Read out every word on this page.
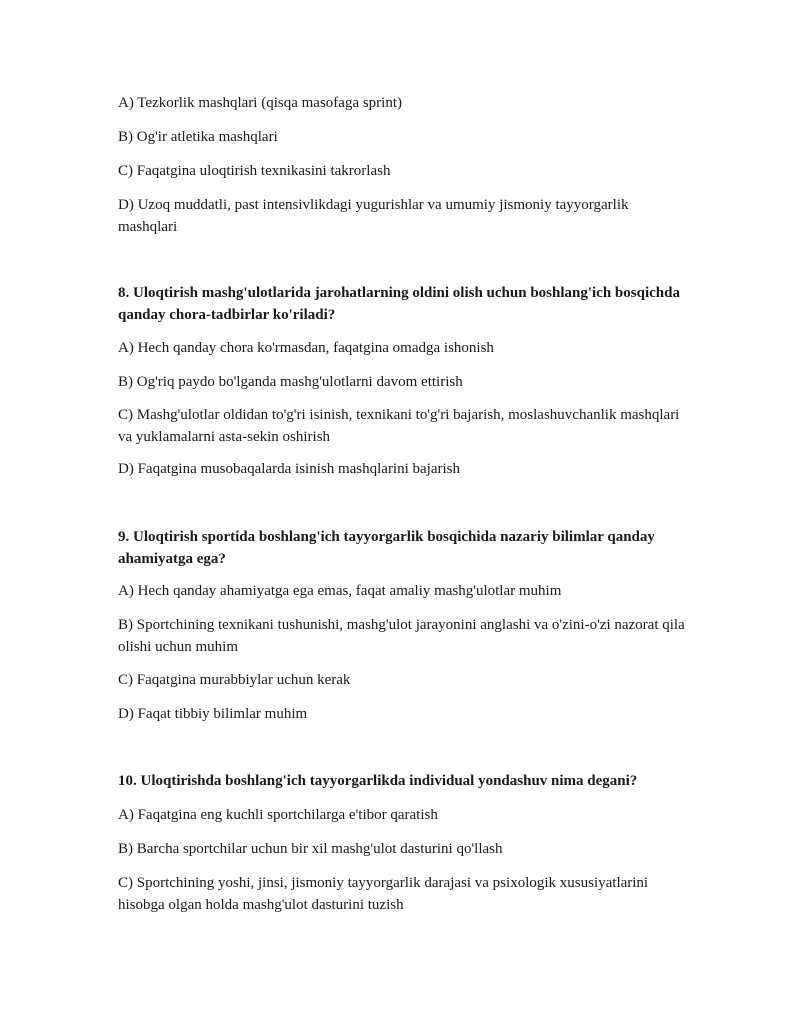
A) Tezkorlik mashqlari (qisqa masofaga sprint)
B) Og'ir atletika mashqlari
C) Faqatgina uloqtirish texnikasini takrorlash
D) Uzoq muddatli, past intensivlikdagi yugurishlar va umumiy jismoniy tayyorgarlik mashqlari
8. Uloqtirish mashg'ulotlarida jarohatlarning oldini olish uchun boshlang'ich bosqichda qanday chora-tadbirlar ko'riladi?
A) Hech qanday chora ko'rmasdan, faqatgina omadga ishonish
B) Og'riq paydo bo'lganda mashg'ulotlarni davom ettirish
C) Mashg'ulotlar oldidan to'g'ri isinish, texnikani to'g'ri bajarish, moslashuvchanlik mashqlari va yuklamalarni asta-sekin oshirish
D) Faqatgina musobaqalarda isinish mashqlarini bajarish
9. Uloqtirish sportida boshlang'ich tayyorgarlik bosqichida nazariy bilimlar qanday ahamiyatga ega?
A) Hech qanday ahamiyatga ega emas, faqat amaliy mashg'ulotlar muhim
B) Sportchining texnikani tushunishi, mashg'ulot jarayonini anglashi va o'zini-o'zi nazorat qila olishi uchun muhim
C) Faqatgina murabbiylar uchun kerak
D) Faqat tibbiy bilimlar muhim
10. Uloqtirishda boshlang'ich tayyorgarlikda individual yondashuv nima degani?
A) Faqatgina eng kuchli sportchilarga e'tibor qaratish
B) Barcha sportchilar uchun bir xil mashg'ulot dasturini qo'llash
C) Sportchining yoshi, jinsi, jismoniy tayyorgarlik darajasi va psixologik xususiyatlarini hisobga olgan holda mashg'ulot dasturini tuzish
